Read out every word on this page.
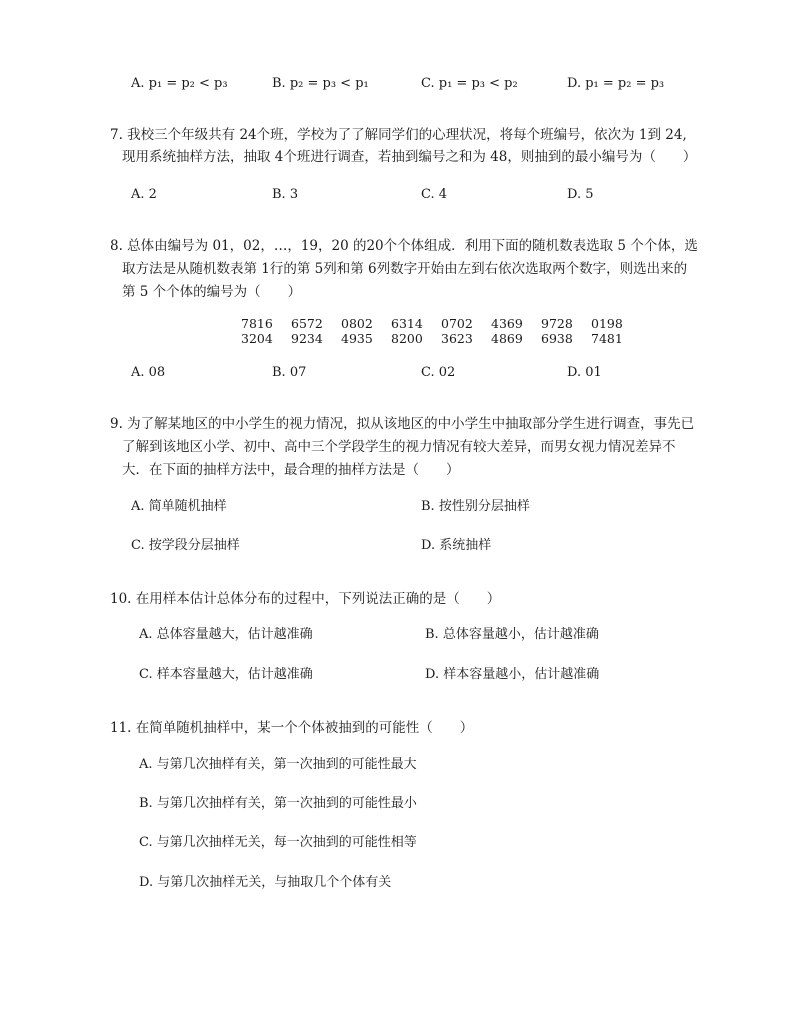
A. p₁ = p₂ < p₃	B. p₂ = p₃ < p₁	C. p₁ = p₃ < p₂	D. p₁ = p₂ = p₃
7. 我校三个年级共有 24个班，学校为了了解同学们的心理状况，将每个班编号，依次为 1到 24,
现用系统抽样方法，抽取 4个班进行调查，若抽到编号之和为 48，则抽到的最小编号为（　　）
A. 2	B. 3	C. 4	D. 5
8. 总体由编号为 01，02，…，19，20 的20个个体组成．利用下面的随机数表选取 5 个个体，选
取方法是从随机数表第 1行的第 5列和第 6列数字开始由左到右依次选取两个数字，则选出来的
第 5 个个体的编号为（　　）
7816 6572 0802 6314 0702 4369 9728 0198
3204 9234 4935 8200 3623 4869 6938 7481
A. 08	B. 07	C. 02	D. 01
9. 为了解某地区的中小学生的视力情况，拟从该地区的中小学生中抽取部分学生进行调查，事先已
了解到该地区小学、初中、高中三个学段学生的视力情况有较大差异，而男女视力情况差异不
大．在下面的抽样方法中，最合理的抽样方法是（　　）
A. 简单随机抽样	B. 按性别分层抽样
C. 按学段分层抽样	D. 系统抽样
10. 在用样本估计总体分布的过程中，下列说法正确的是（　　）
A. 总体容量越大，估计越准确	B. 总体容量越小，估计越准确
C. 样本容量越大，估计越准确	D. 样本容量越小，估计越准确
11. 在简单随机抽样中，某一个个体被抽到的可能性（　　）
A. 与第几次抽样有关，第一次抽到的可能性最大
B. 与第几次抽样有关，第一次抽到的可能性最小
C. 与第几次抽样无关，每一次抽到的可能性相等
D. 与第几次抽样无关，与抽取几个个体有关
